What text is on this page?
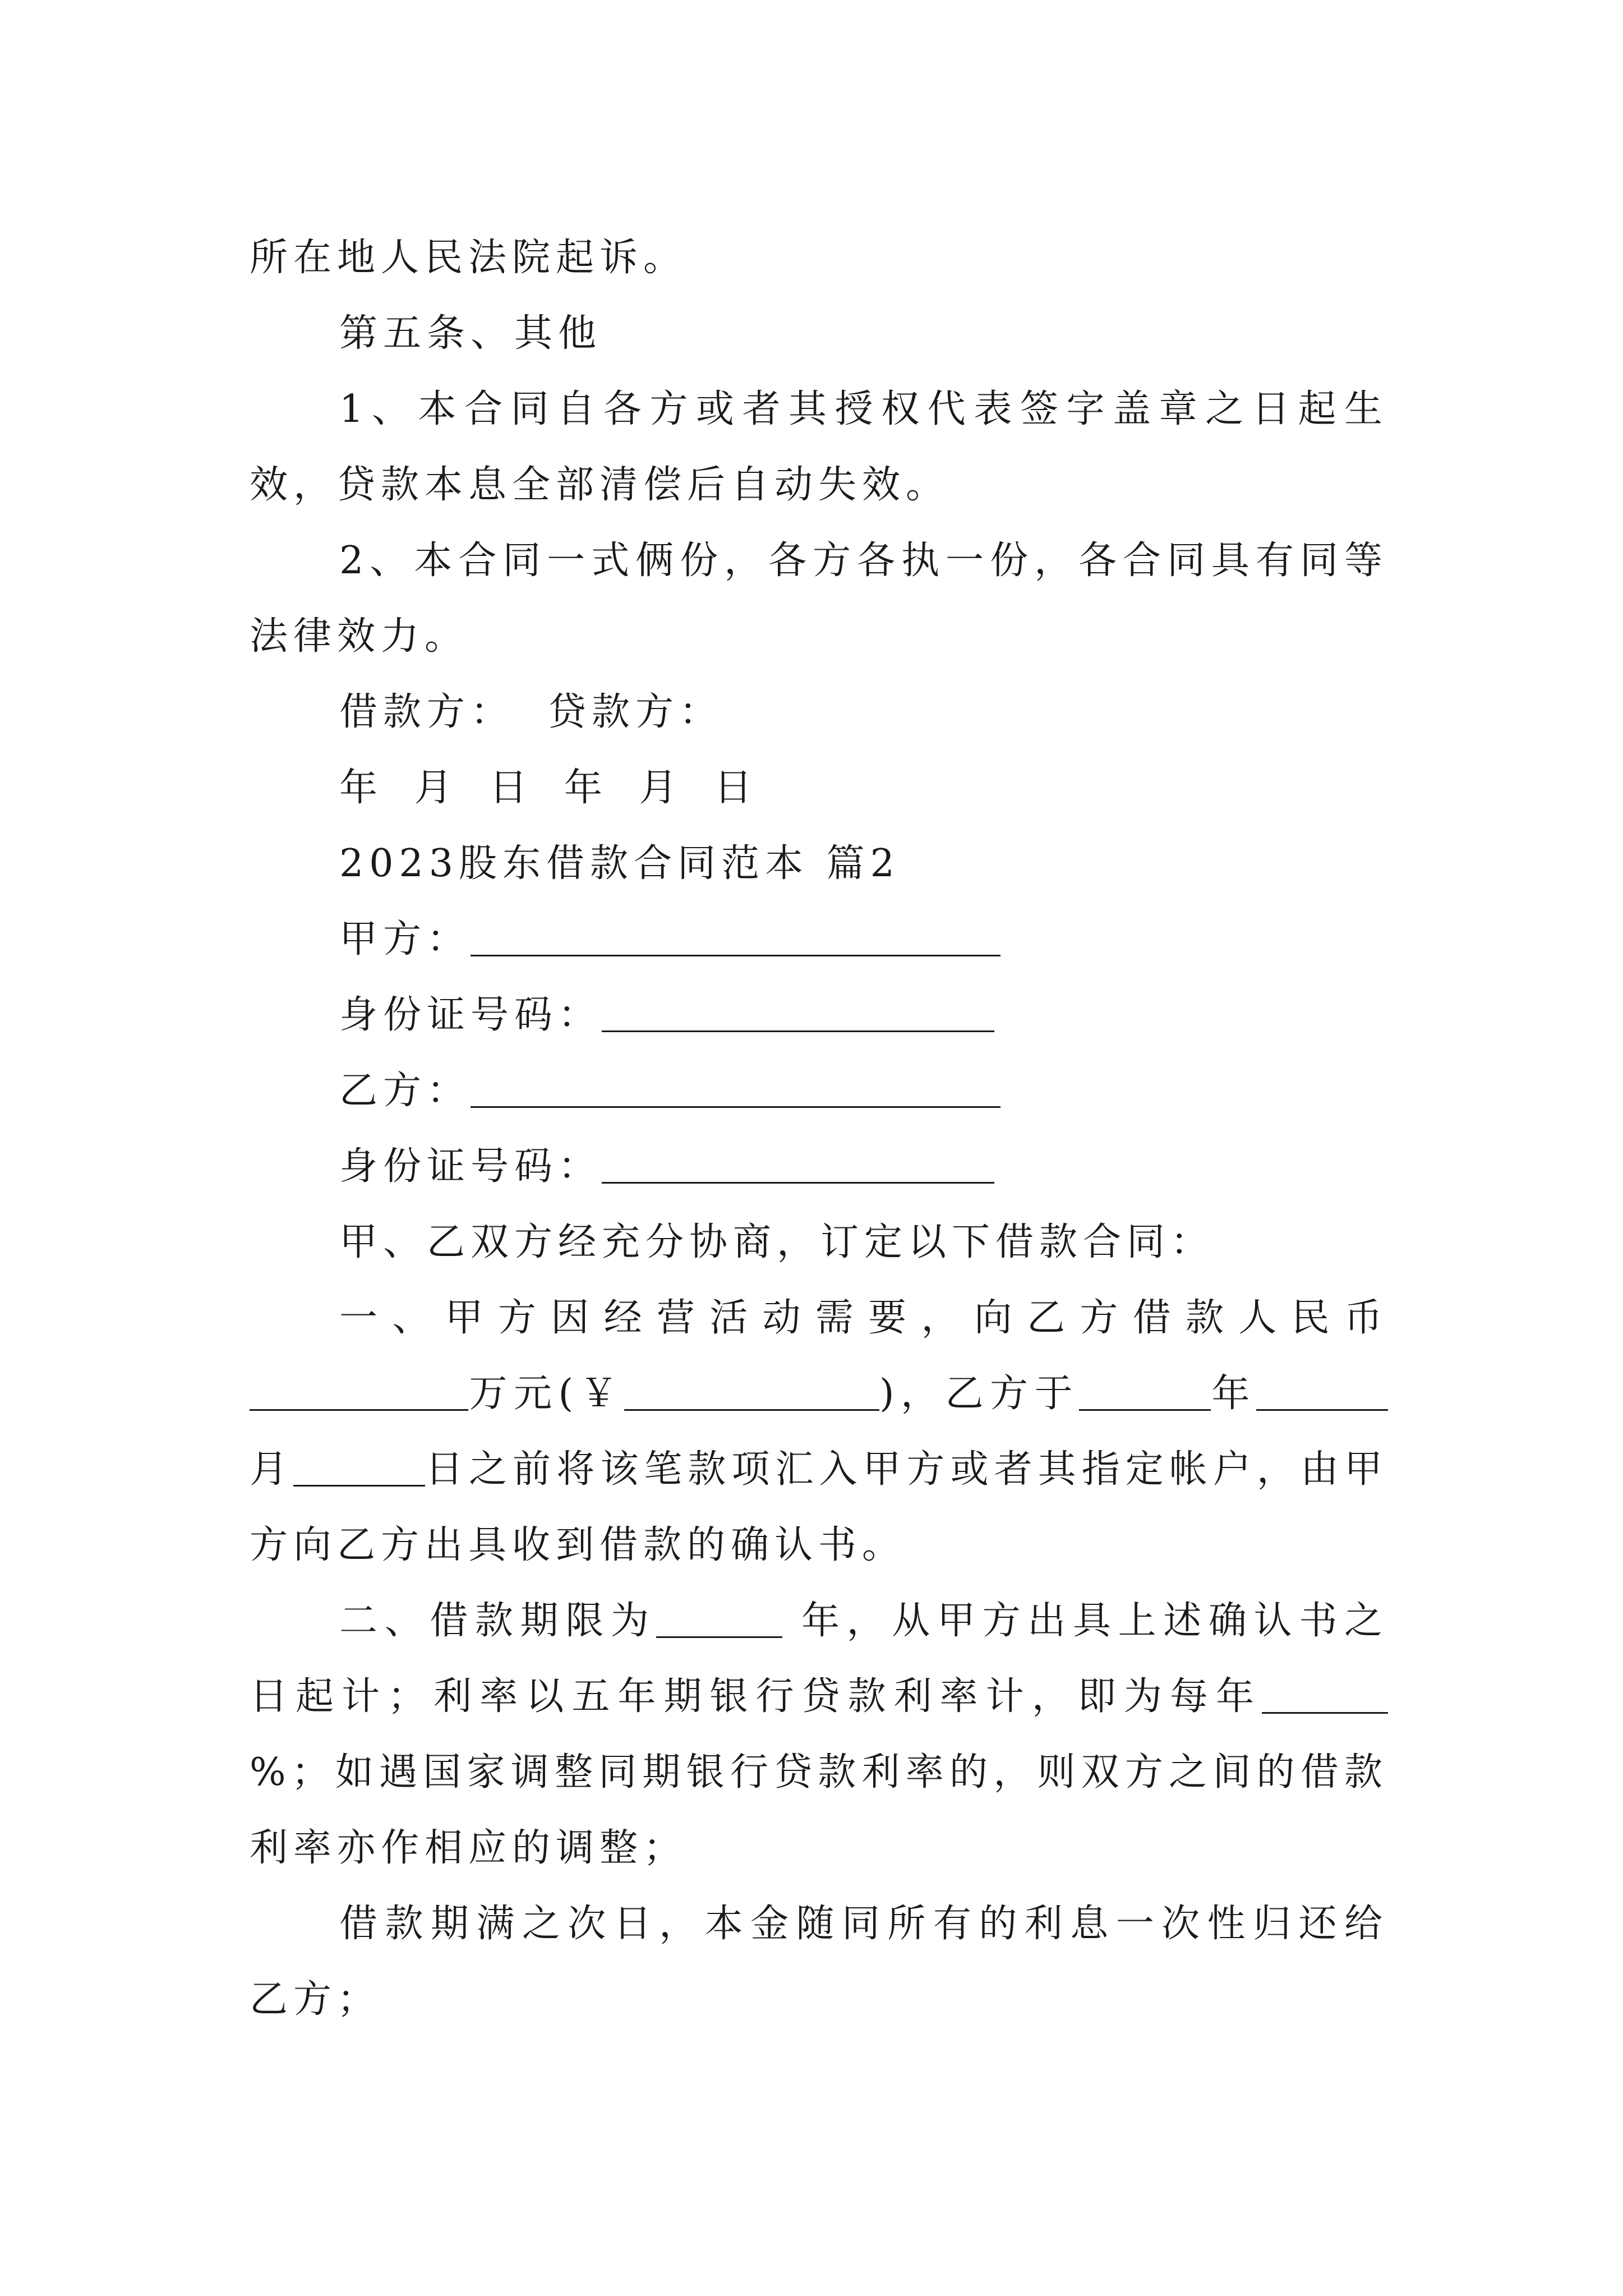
所在地人民法院起诉。

第五条、其他

1、本合同自各方或者其授权代表签字盖章之日起生效，贷款本息全部清偿后自动失效。

2、本合同一式俩份，各方各执一份，各合同具有同等法律效力。

借款方： 贷款方：

年 月 日 年 月 日

2023股东借款合同范本 篇2

甲方：

身份证号码：

乙方：

身份证号码：

甲、乙双方经充分协商，订定以下借款合同：

一、甲方因经营活动需要，向乙方借款人民币万元(￥	)，乙方于	年月	日之前将该笔款项汇入甲方或者其指定帐户，由甲方向乙方出具收到借款的确认书。

二、借款期限为	年，从甲方出具上述确认书之日起计；利率以五年期银行贷款利率计，即为每年%；如遇国家调整同期银行贷款利率的，则双方之间的借款利率亦作相应的调整；

借款期满之次日，本金随同所有的利息一次性归还给乙方；
